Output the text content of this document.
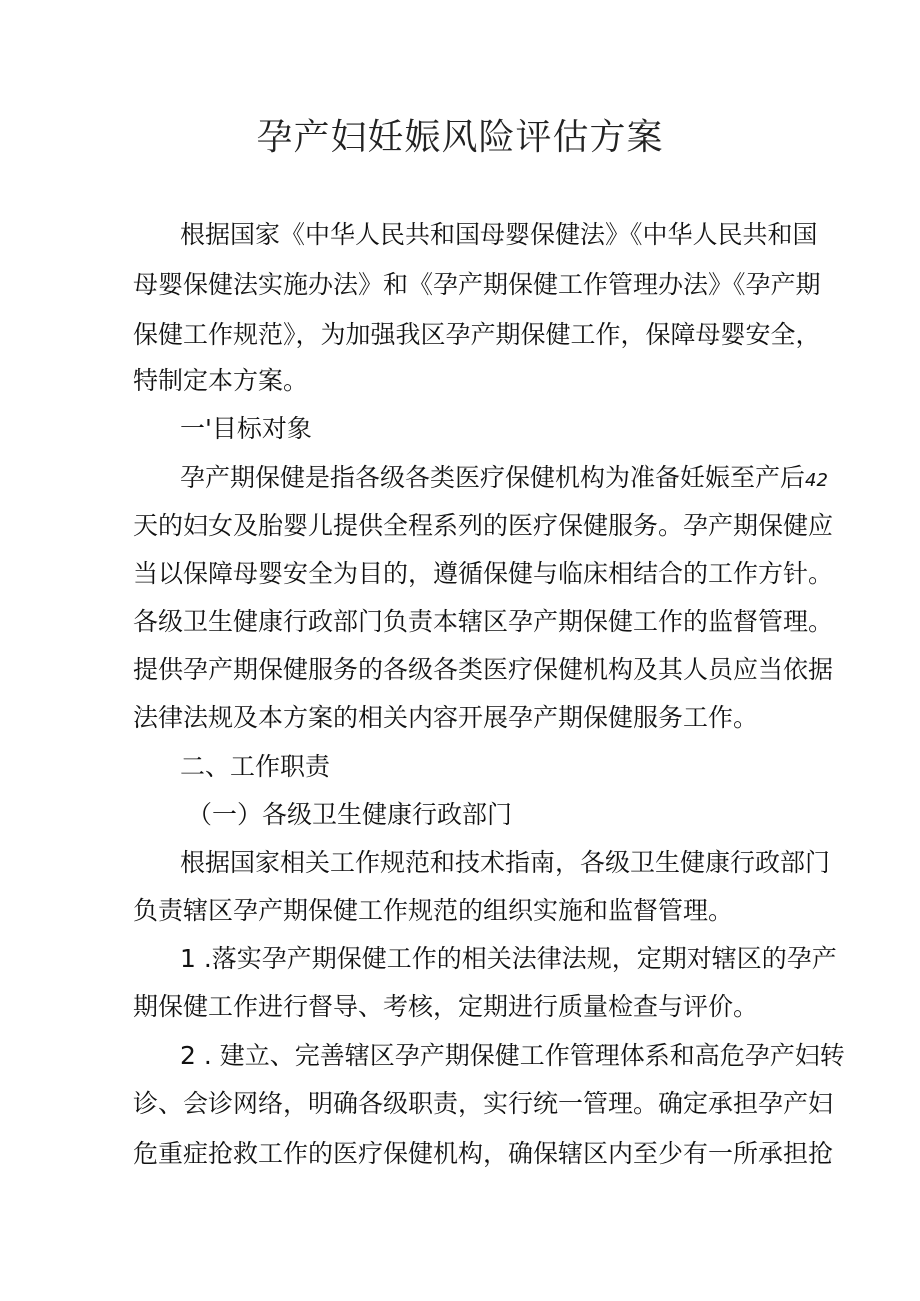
孕产妇妊娠风险评估方案
根据国家《中华人民共和国母婴保健法》《中华人民共和国
母婴保健法实施办法》和《孕产期保健工作管理办法》《孕产期
保健工作规范》，为加强我区孕产期保健工作，保障母婴安全，
特制定本方案。
一'目标对象
孕产期保健是指各级各类医疗保健机构为准备妊娠至产后42
天的妇女及胎婴儿提供全程系列的医疗保健服务。孕产期保健应
当以保障母婴安全为目的，遵循保健与临床相结合的工作方针。
各级卫生健康行政部门负责本辖区孕产期保健工作的监督管理。
提供孕产期保健服务的各级各类医疗保健机构及其人员应当依据
法律法规及本方案的相关内容开展孕产期保健服务工作。
二、工作职责
（一）各级卫生健康行政部门
根据国家相关工作规范和技术指南，各级卫生健康行政部门
负责辖区孕产期保健工作规范的组织实施和监督管理。
1 .落实孕产期保健工作的相关法律法规，定期对辖区的孕产
期保健工作进行督导、考核，定期进行质量检查与评价。
2 . 建立、完善辖区孕产期保健工作管理体系和高危孕产妇转
诊、会诊网络，明确各级职责，实行统一管理。确定承担孕产妇
危重症抢救工作的医疗保健机构，确保辖区内至少有一所承担抢
